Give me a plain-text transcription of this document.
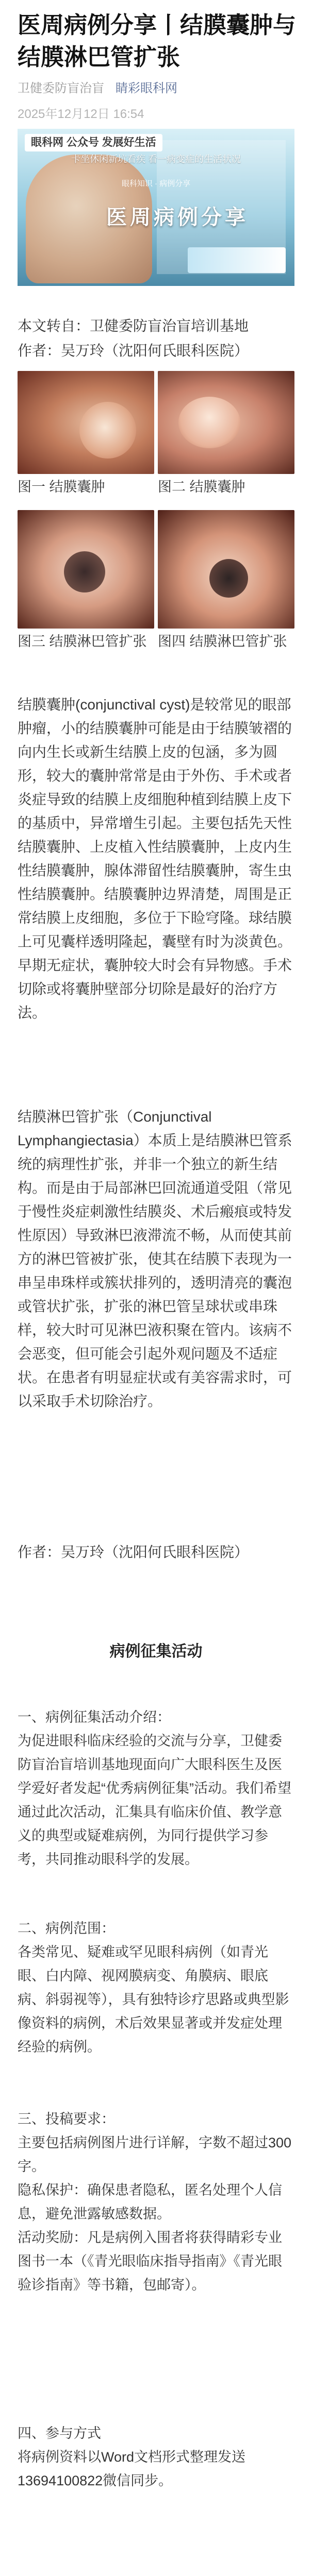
医周病例分享丨结膜囊肿与结膜淋巴管扩张
卫健委防盲治盲 睛彩眼科网
2025年12月12日 16:54
眼科网 公众号 发展好生活
卡坐休闲新坑看疾 看一病变症的生活状况
眼科知识 · 病例分享
医周病例分享

本文转自：卫健委防盲治盲培训基地

作者：吴万玲（沈阳何氏眼科医院）

图一 结膜囊肿	图二 结膜囊肿
图三 结膜淋巴管扩张 图四 结膜淋巴管扩张

结膜囊肿(conjunctival cyst)是较常见的眼部肿瘤，小的结膜囊肿可能是由于结膜皱褶的向内生长或新生结膜上皮的包涵，多为圆形，较大的囊肿常常是由于外伤、手术或者炎症导致的结膜上皮细胞种植到结膜上皮下的基质中，异常增生引起。主要包括先天性结膜囊肿、上皮植入性结膜囊肿，上皮内生性结膜囊肿，腺体滞留性结膜囊肿，寄生虫性结膜囊肿。结膜囊肿边界清楚，周围是正常结膜上皮细胞，多位于下睑穹隆。球结膜上可见囊样透明隆起，囊壁有时为淡黄色。早期无症状，囊肿较大时会有异物感。手术切除或将囊肿壁部分切除是最好的治疗方法。

结膜淋巴管扩张（Conjunctival Lymphangiectasia）本质上是结膜淋巴管系统的病理性扩张，并非一个独立的新生结构。而是由于局部淋巴回流通道受阻（常见于慢性炎症刺激性结膜炎、术后瘢痕或特发性原因）导致淋巴液滞流不畅，从而使其前方的淋巴管被扩张，使其在结膜下表现为一串呈串珠样或簇状排列的，透明清亮的囊泡或管状扩张，扩张的淋巴管呈球状或串珠样，较大时可见淋巴液积聚在管内。该病不会恶变，但可能会引起外观问题及不适症状。在患者有明显症状或有美容需求时，可以采取手术切除治疗。

作者：吴万玲（沈阳何氏眼科医院）

病例征集活动

一、病例征集活动介绍：

为促进眼科临床经验的交流与分享，卫健委防盲治盲培训基地现面向广大眼科医生及医学爱好者发起“优秀病例征集”活动。我们希望通过此次活动，汇集具有临床价值、教学意义的典型或疑难病例，为同行提供学习参考，共同推动眼科学的发展。

二、病例范围：

各类常见、疑难或罕见眼科病例（如青光眼、白内障、视网膜病变、角膜病、眼底病、斜弱视等），具有独特诊疗思路或典型影像资料的病例，术后效果显著或并发症处理经验的病例。

三、投稿要求：

主要包括病例图片进行详解，字数不超过300字。
隐私保护：确保患者隐私，匿名处理个人信息，避免泄露敏感数据。
活动奖励：凡是病例入围者将获得睛彩专业图书一本（《青光眼临床指导指南》《青光眼验诊指南》等书籍，包邮寄）。

四、参与方式

将病例资料以Word文档形式整理发送13694100822微信同步。
